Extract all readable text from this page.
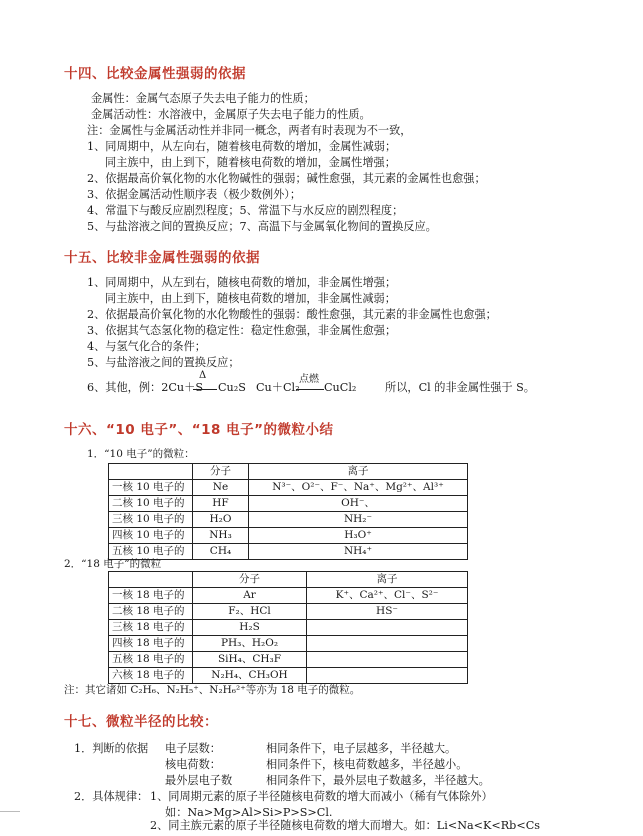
十四、比较金属性强弱的依据
金属性：金属气态原子失去电子能力的性质；
金属活动性：水溶液中，金属原子失去电子能力的性质。
注：金属性与金属活动性并非同一概念，两者有时表现为不一致，
1、同周期中，从左向右，随着核电荷数的增加，金属性减弱；
同主族中，由上到下，随着核电荷数的增加，金属性增强；
2、依据最高价氧化物的水化物碱性的强弱；碱性愈强，其元素的金属性也愈强；
3、依据金属活动性顺序表（极少数例外）；
4、常温下与酸反应剧烈程度；5、常温下与水反应的剧烈程度；
5、与盐溶液之间的置换反应；7、高温下与金属氧化物间的置换反应。
十五、比较非金属性强弱的依据
1、同周期中，从左到右，随核电荷数的增加，非金属性增强；
同主族中，由上到下，随核电荷数的增加，非金属性减弱；
2、依据最高价氧化物的水化物酸性的强弱：酸性愈强，其元素的非金属性也愈强；
3、依据其气态氢化物的稳定性：稳定性愈强，非金属性愈强；
4、与氢气化合的条件；
5、与盐溶液之间的置换反应；
6、其他，例：2Cu＋S
Δ
Cu₂S Cu＋Cl₂
点燃
CuCl₂	所以，Cl 的非金属性强于 S。
十六、“10 电子”、“18 电子”的微粒小结
1．“10 电子”的微粒：
	分子	离子
一核 10 电子的	Ne	N³⁻、O²⁻、F⁻、Na⁺、Mg²⁺、Al³⁺
二核 10 电子的	HF	OH⁻、
三核 10 电子的	H₂O	NH₂⁻
四核 10 电子的	NH₃	H₃O⁺
五核 10 电子的	CH₄	NH₄⁺
2．“18 电子”的微粒
	分子	离子
一核 18 电子的	Ar	K⁺、Ca²⁺、Cl⁻、S²⁻
二核 18 电子的	F₂、HCl	HS⁻
三核 18 电子的	H₂S	
四核 18 电子的	PH₃、H₂O₂	
五核 18 电子的	SiH₄、CH₃F	
六核 18 电子的	N₂H₄、CH₃OH	
注：其它诸如 C₂H₆、N₂H₅⁺、N₂H₆²⁺等亦为 18 电子的微粒。
十七、微粒半径的比较：
1．判断的依据 电子层数：	相同条件下，电子层越多，半径越大。
核电荷数：	相同条件下，核电荷数越多，半径越小。
最外层电子数	相同条件下，最外层电子数越多，半径越大。
2．具体规律： 1、同周期元素的原子半径随核电荷数的增大而减小（稀有气体除外）
如：Na>Mg>Al>Si>P>S>Cl.
2、同主族元素的原子半径随核电荷数的增大而增大。如：Li<Na<K<Rb<Cs
